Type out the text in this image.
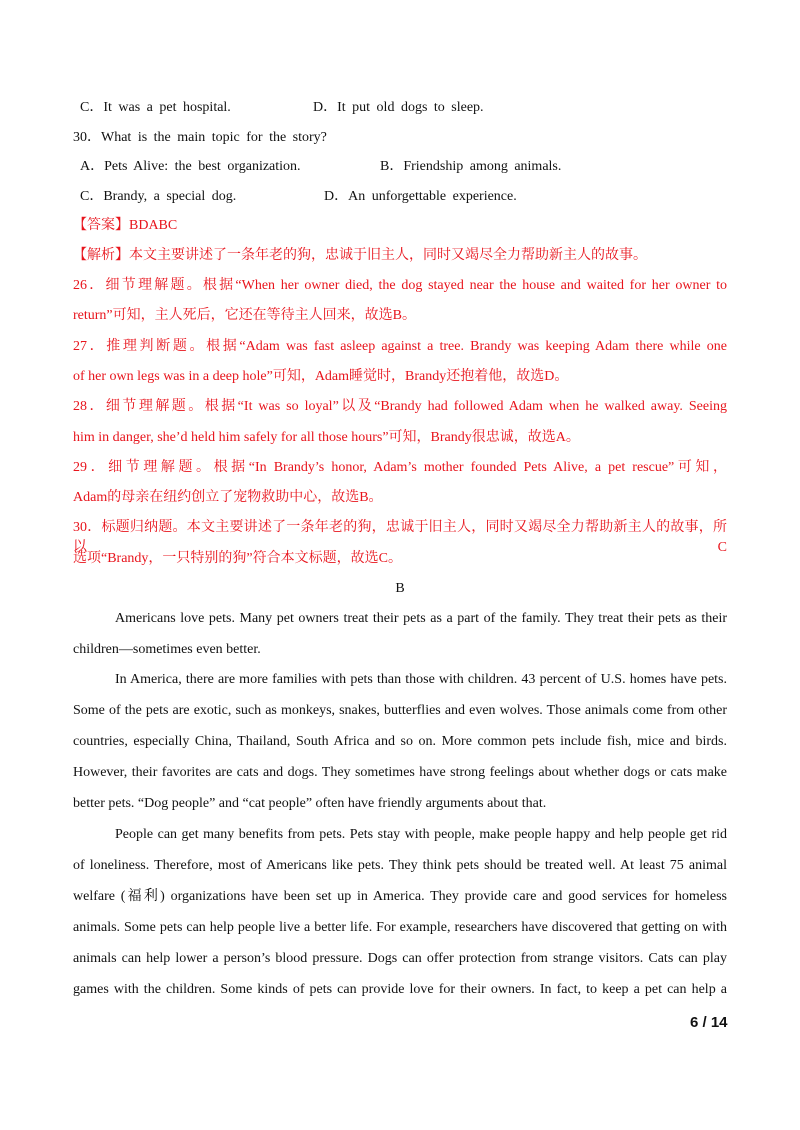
C．It was a pet hospital.	D．It put old dogs to sleep.
30．What is the main topic for the story?
A．Pets Alive: the best organization.	B．Friendship among animals.
C．Brandy, a special dog.	D．An unforgettable experience.
【答案】BDABC
【解析】本文主要讲述了一条年老的狗，忠诚于旧主人，同时又竭尽全力帮助新主人的故事。
26．细节理解题。根据“When her owner died, the dog stayed near the house and waited for her owner to
return”可知，主人死后，它还在等待主人回来，故选B。
27．推理判断题。根据“Adam was fast asleep against a tree. Brandy was keeping Adam there while one
of her own legs was in a deep hole”可知，Adam睡觉时，Brandy还抱着他，故选D。
28．细节理解题。根据“It was so loyal”以及“Brandy had followed Adam when he walked away. Seeing
him in danger, she’d held him safely for all those hours”可知，Brandy很忠诚，故选A。
29．细节理解题。根据“In Brandy’s honor, Adam’s mother founded Pets Alive, a pet rescue”可知，
Adam的母亲在纽约创立了宠物救助中心，故选B。
30．标题归纳题。本文主要讲述了一条年老的狗，忠诚于旧主人，同时又竭尽全力帮助新主人的故事，所以C
选项“Brandy，一只特别的狗”符合本文标题，故选C。
B
Americans love pets. Many pet owners treat their pets as a part of the family. They treat their pets as their
children—sometimes even better.
In America, there are more families with pets than those with children. 43 percent of U.S. homes have pets.
Some of the pets are exotic, such as monkeys, snakes, butterflies and even wolves. Those animals come from other
countries, especially China, Thailand, South Africa and so on. More common pets include fish, mice and birds.
However, their favorites are cats and dogs. They sometimes have strong feelings about whether dogs or cats make
better pets. “Dog people” and “cat people” often have friendly arguments about that.
People can get many benefits from pets. Pets stay with people, make people happy and help people get rid
of loneliness. Therefore, most of Americans like pets. They think pets should be treated well. At least 75 animal
welfare (福利) organizations have been set up in America. They provide care and good services for homeless
animals. Some pets can help people live a better life. For example, researchers have discovered that getting on with
animals can help lower a person’s blood pressure. Dogs can offer protection from strange visitors. Cats can play
games with the children. Some kinds of pets can provide love for their owners. In fact, to keep a pet can help a
6 / 14
